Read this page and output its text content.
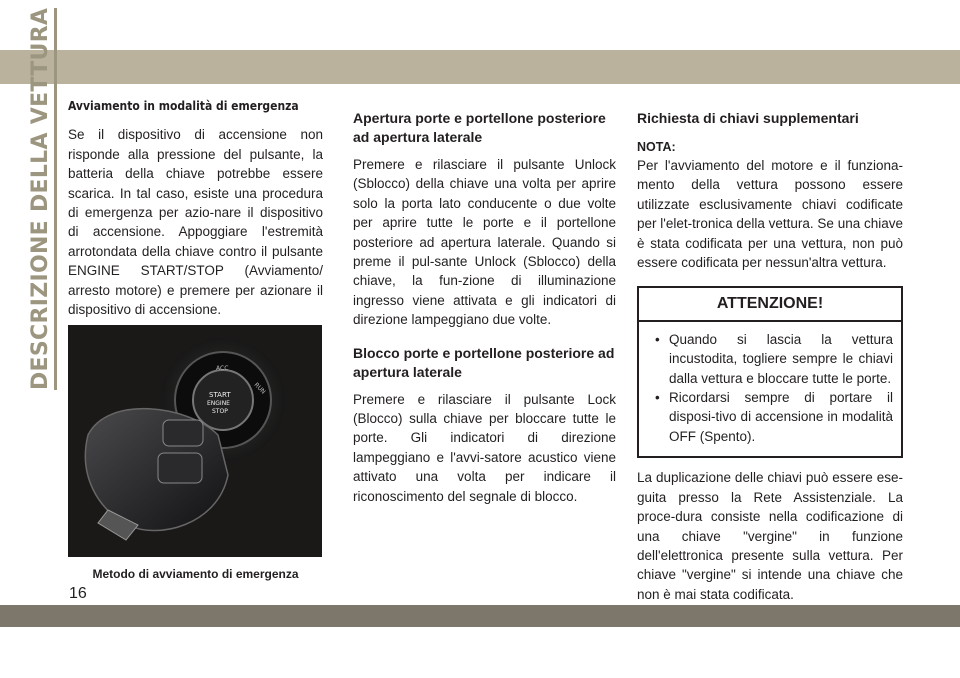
DESCRIZIONE DELLA VETTURA
16
Avviamento in modalità di emergenza

Se il dispositivo di accensione non risponde alla pressione del pulsante, la batteria della chiave potrebbe essere scarica. In tal caso, esiste una procedura di emergenza per azio-nare il dispositivo di accensione. Appoggiare l'estremità arrotondata della chiave contro il pulsante ENGINE START/STOP (Avviamento/ arresto motore) e premere per azionare il dispositivo di accensione.

ACC
RUN
START
ENGINE
STOP
Metodo di avviamento di emergenza
Apertura porte e portellone posteriore ad apertura laterale

Premere e rilasciare il pulsante Unlock (Sblocco) della chiave una volta per aprire solo la porta lato conducente o due volte per aprire tutte le porte e il portellone posteriore ad apertura laterale. Quando si preme il pul-sante Unlock (Sblocco) della chiave, la fun-zione di illuminazione ingresso viene attivata e gli indicatori di direzione lampeggiano due volte.

Blocco porte e portellone posteriore ad apertura laterale

Premere e rilasciare il pulsante Lock (Blocco) sulla chiave per bloccare tutte le porte. Gli indicatori di direzione lampeggiano e l'avvi-satore acustico viene attivato una volta per indicare il riconoscimento del segnale di blocco.

Richiesta di chiavi supplementari
NOTA:

Per l'avviamento del motore e il funziona-mento della vettura possono essere utilizzate esclusivamente chiavi codificate per l'elet-tronica della vettura. Se una chiave è stata codificata per una vettura, non può essere codificata per nessun'altra vettura.

ATTENZIONE!
• Quando si lascia la vettura incustodita, togliere sempre le chiavi dalla vettura e bloccare tutte le porte.
• Ricordarsi sempre di portare il disposi-tivo di accensione in modalità OFF (Spento).

La duplicazione delle chiavi può essere ese-guita presso la Rete Assistenziale. La proce-dura consiste nella codificazione di una chiave "vergine" in funzione dell'elettronica presente sulla vettura. Per chiave "vergine" si intende una chiave che non è mai stata codificata.
